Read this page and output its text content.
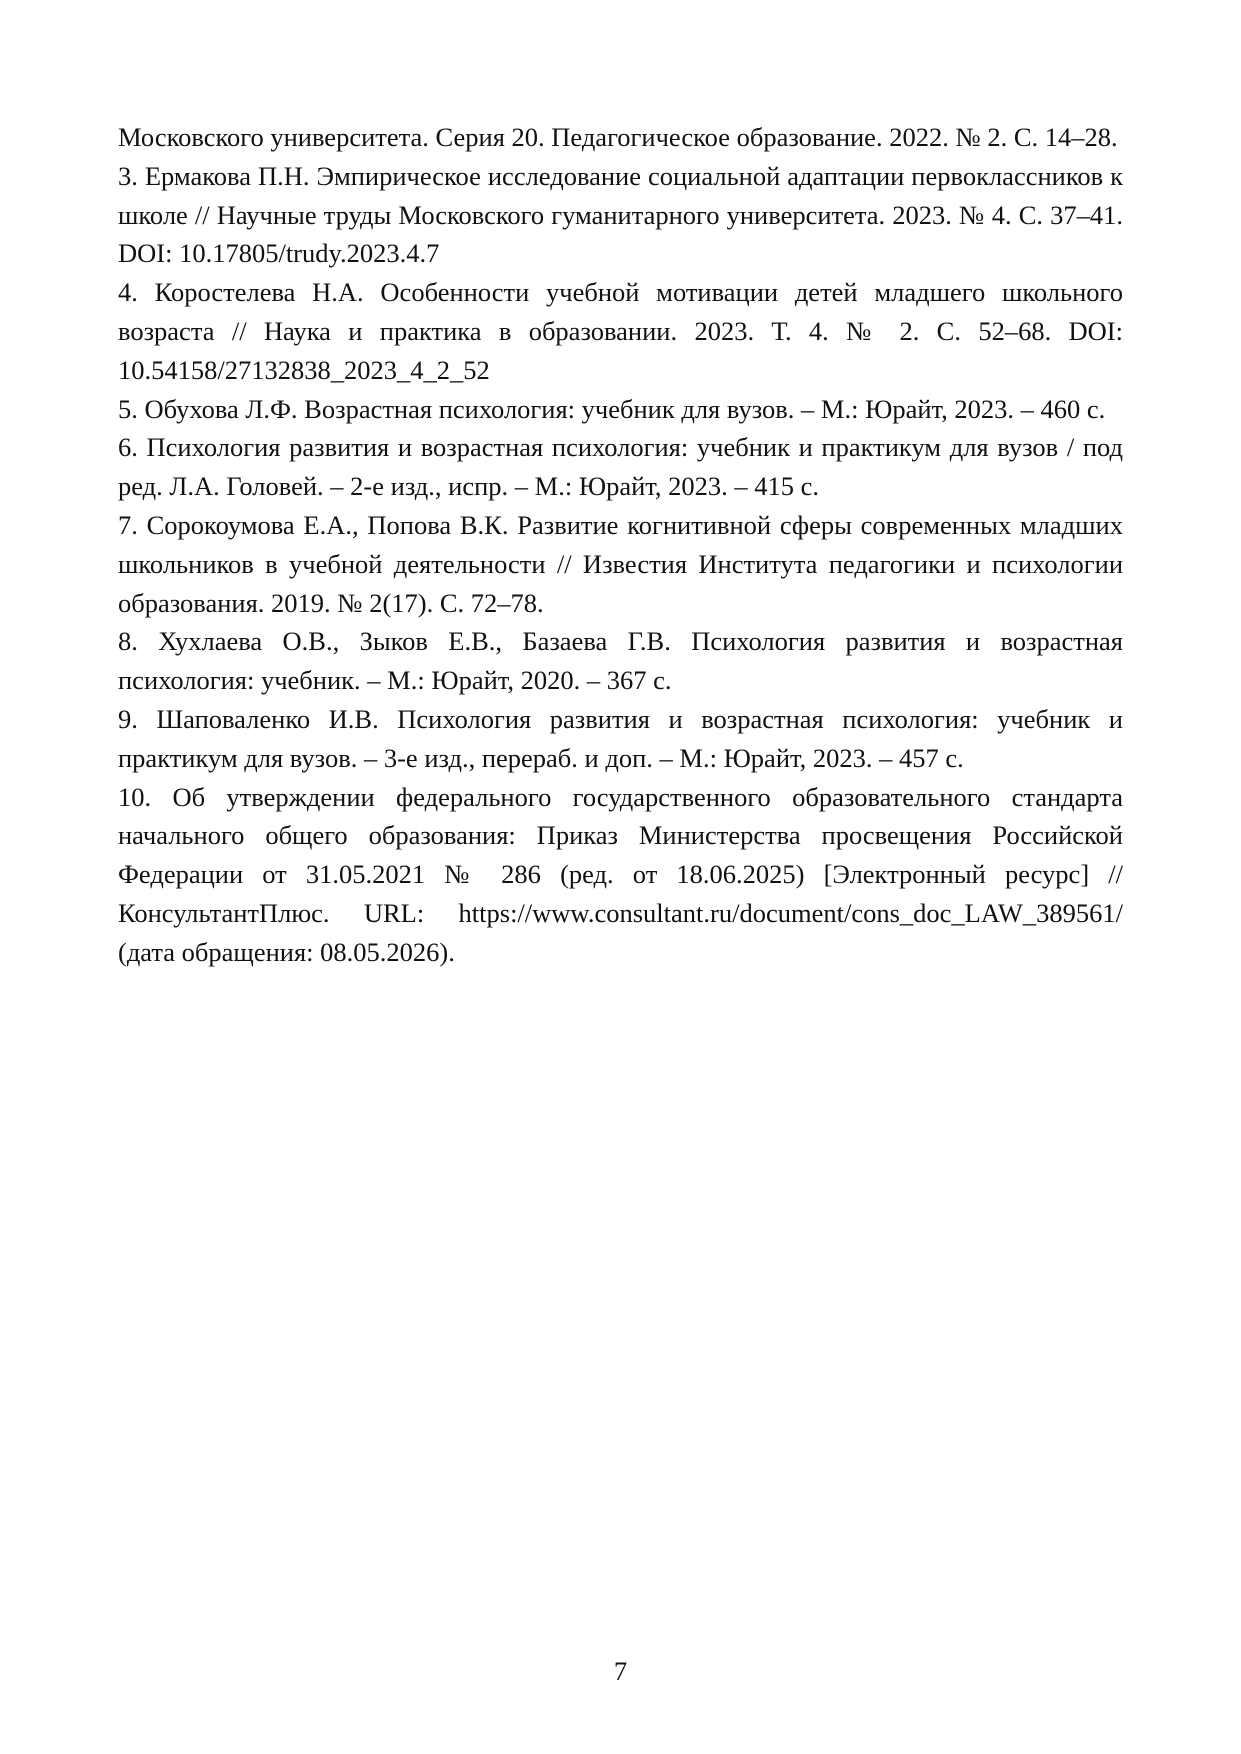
Московского университета. Серия 20. Педагогическое образование. 2022. № 2. С. 14–28.

3. Ермакова П.Н. Эмпирическое исследование социальной адаптации первоклассников к школе // Научные труды Московского гуманитарного университета. 2023. № 4. С. 37–41. DOI: 10.17805/trudy.2023.4.7

4. Коростелева Н.А. Особенности учебной мотивации детей младшего школьного возраста // Наука и практика в образовании. 2023. Т. 4. № 2. С. 52–68. DOI: 10.54158/27132838_2023_4_2_52

5. Обухова Л.Ф. Возрастная психология: учебник для вузов. – М.: Юрайт, 2023. – 460 с.

6. Психология развития и возрастная психология: учебник и практикум для вузов / под ред. Л.А. Головей. – 2-е изд., испр. – М.: Юрайт, 2023. – 415 с.

7. Сорокоумова Е.А., Попова В.К. Развитие когнитивной сферы современных младших школьников в учебной деятельности // Известия Института педагогики и психологии образования. 2019. № 2(17). С. 72–78.

8. Хухлаева О.В., Зыков Е.В., Базаева Г.В. Психология развития и возрастная психология: учебник. – М.: Юрайт, 2020. – 367 с.

9. Шаповаленко И.В. Психология развития и возрастная психология: учебник и практикум для вузов. – 3-е изд., перераб. и доп. – М.: Юрайт, 2023. – 457 с.

10. Об утверждении федерального государственного образовательного стандарта начального общего образования: Приказ Министерства просвещения Российской Федерации от 31.05.2021 № 286 (ред. от 18.06.2025) [Электронный ресурс] // КонсультантПлюс. URL: https://www.consultant.ru/document/cons_doc_LAW_389561/ (дата обращения: 08.05.2026).

7
